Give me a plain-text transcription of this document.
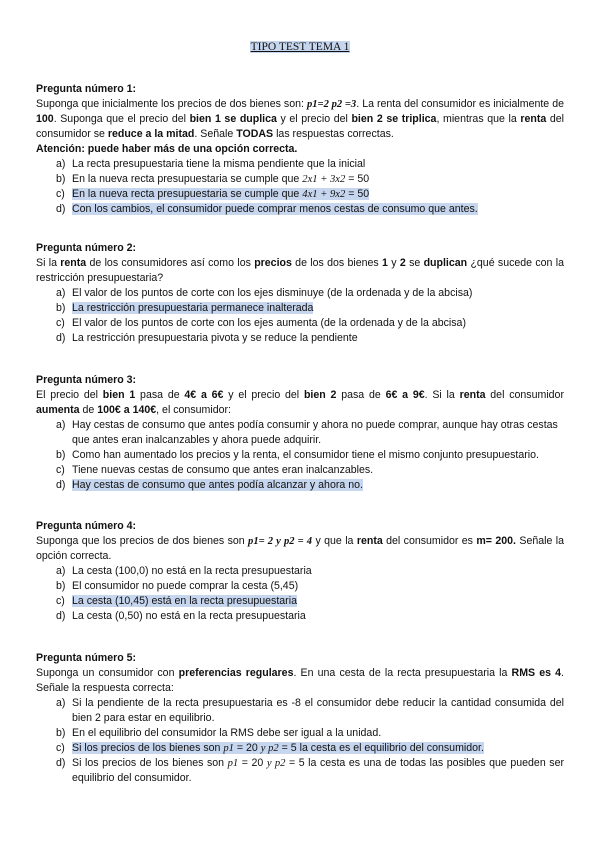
TIPO TEST TEMA 1

Pregunta número 1:

Suponga que inicialmente los precios de dos bienes son: p1=2 p2 =3. La renta del consumidor es inicialmente de 100. Suponga que el precio del bien 1 se duplica y el precio del bien 2 se triplica, mientras que la renta del consumidor se reduce a la mitad. Señale TODAS las respuestas correctas.

Atención: puede haber más de una opción correcta.

a) La recta presupuestaria tiene la misma pendiente que la inicial
b) En la nueva recta presupuestaria se cumple que 2x1 + 3x2 = 50
c) En la nueva recta presupuestaria se cumple que 4x1 + 9x2 = 50
d) Con los cambios, el consumidor puede comprar menos cestas de consumo que antes.

Pregunta número 2:

Si la renta de los consumidores así como los precios de los dos bienes 1 y 2 se duplican ¿qué sucede con la restricción presupuestaria?

a) El valor de los puntos de corte con los ejes disminuye (de la ordenada y de la abcisa)
b) La restricción presupuestaria permanece inalterada
c) El valor de los puntos de corte con los ejes aumenta (de la ordenada y de la abcisa)
d) La restricción presupuestaria pivota y se reduce la pendiente

Pregunta número 3:

El precio del bien 1 pasa de 4€ a 6€ y el precio del bien 2 pasa de 6€ a 9€. Si la renta del consumidor aumenta de 100€ a 140€, el consumidor:

a) Hay cestas de consumo que antes podía consumir y ahora no puede comprar, aunque hay otras cestas que antes eran inalcanzables y ahora puede adquirir.
b) Como han aumentado los precios y la renta, el consumidor tiene el mismo conjunto presupuestario.
c) Tiene nuevas cestas de consumo que antes eran inalcanzables.
d) Hay cestas de consumo que antes podía alcanzar y ahora no.

Pregunta número 4:

Suponga que los precios de dos bienes son p1= 2 y p2 = 4 y que la renta del consumidor es m= 200. Señale la opción correcta.

a) La cesta (100,0) no está en la recta presupuestaria
b) El consumidor no puede comprar la cesta (5,45)
c) La cesta (10,45) está en la recta presupuestaria
d) La cesta (0,50) no está en la recta presupuestaria

Pregunta número 5:

Suponga un consumidor con preferencias regulares. En una cesta de la recta presupuestaria la RMS es 4. Señale la respuesta correcta:

a) Si la pendiente de la recta presupuestaria es -8 el consumidor debe reducir la cantidad consumida del bien 2 para estar en equilibrio.
b) En el equilibrio del consumidor la RMS debe ser igual a la unidad.
c) Si los precios de los bienes son p1 = 20 y p2 = 5 la cesta es el equilibrio del consumidor.
d) Si los precios de los bienes son p1 = 20 y p2 = 5 la cesta es una de todas las posibles que pueden ser equilibrio del consumidor.
